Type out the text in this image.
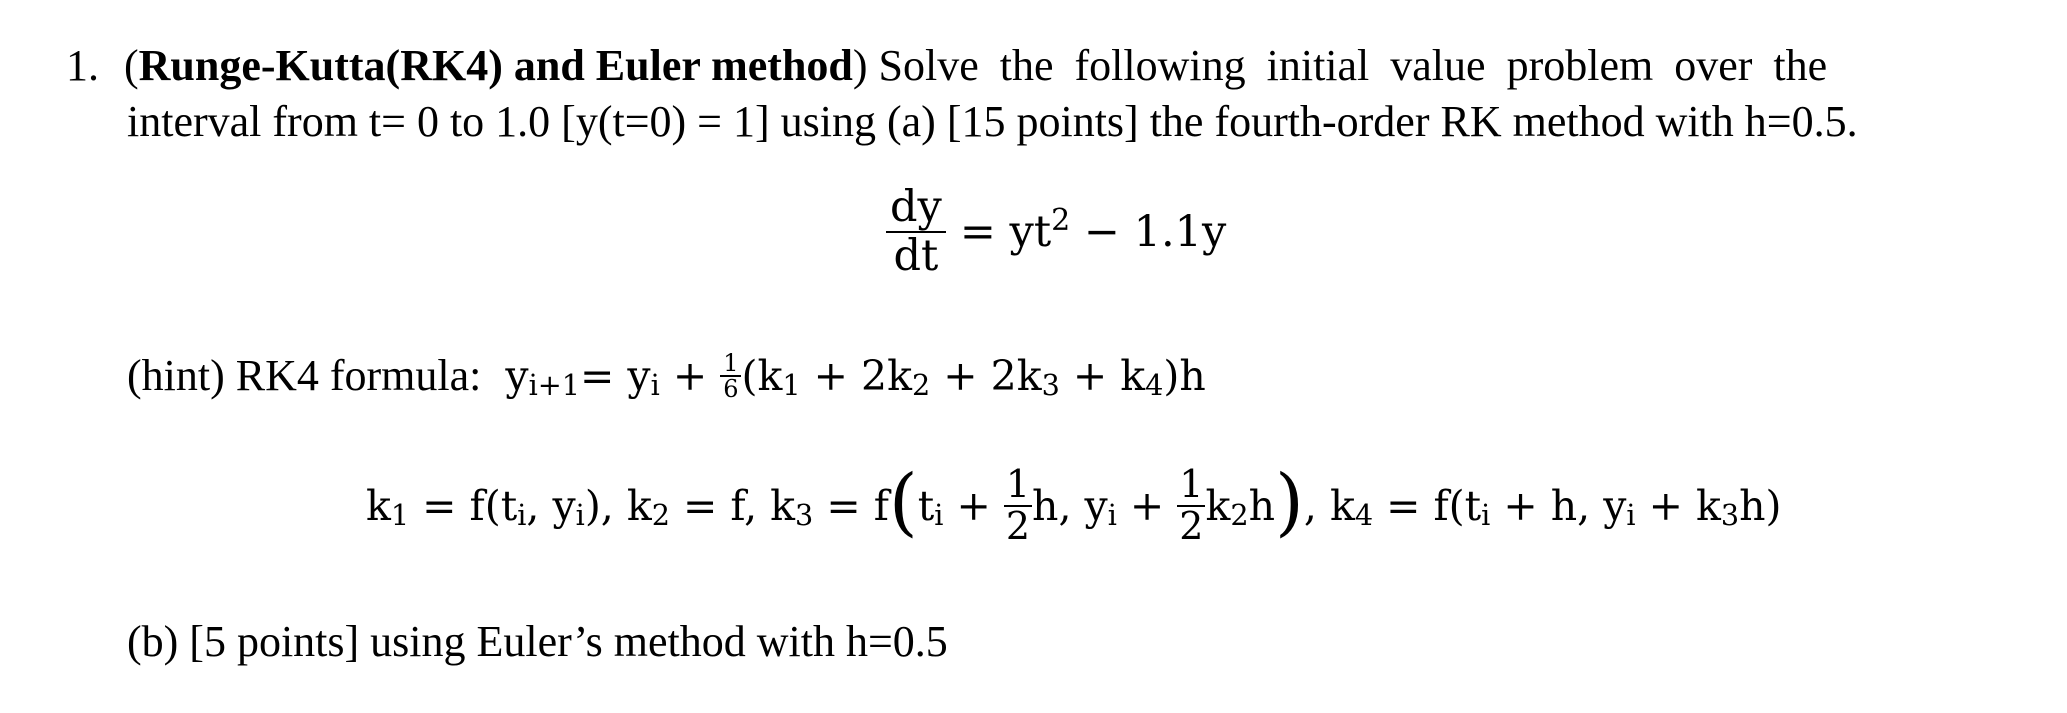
1. (Runge-Kutta(RK4) and Euler method) Solve the following initial value problem over the
interval from t= 0 to 1.0 [y(t=0) = 1] using (a) [15 points] the fourth-order RK method with h=0.5.
$\frac{dy}{dt} = yt^2 - 1.1y$
(hint) RK4 formula: y i+1 = y $i + \frac{1}{6} (k$ 1 + 2k 2 + 2k 3 + k 4 )h
k 1 = f(t i , y i ), k 2 = f, k 3 = f ( t $i + \frac{1}{2} h$, y $i + \frac{1}{2}$ k 2 h ) , k 4 = f(t i + h, y i + k 3 h)
(b) [5 points] using Euler’s method with h=0.5
